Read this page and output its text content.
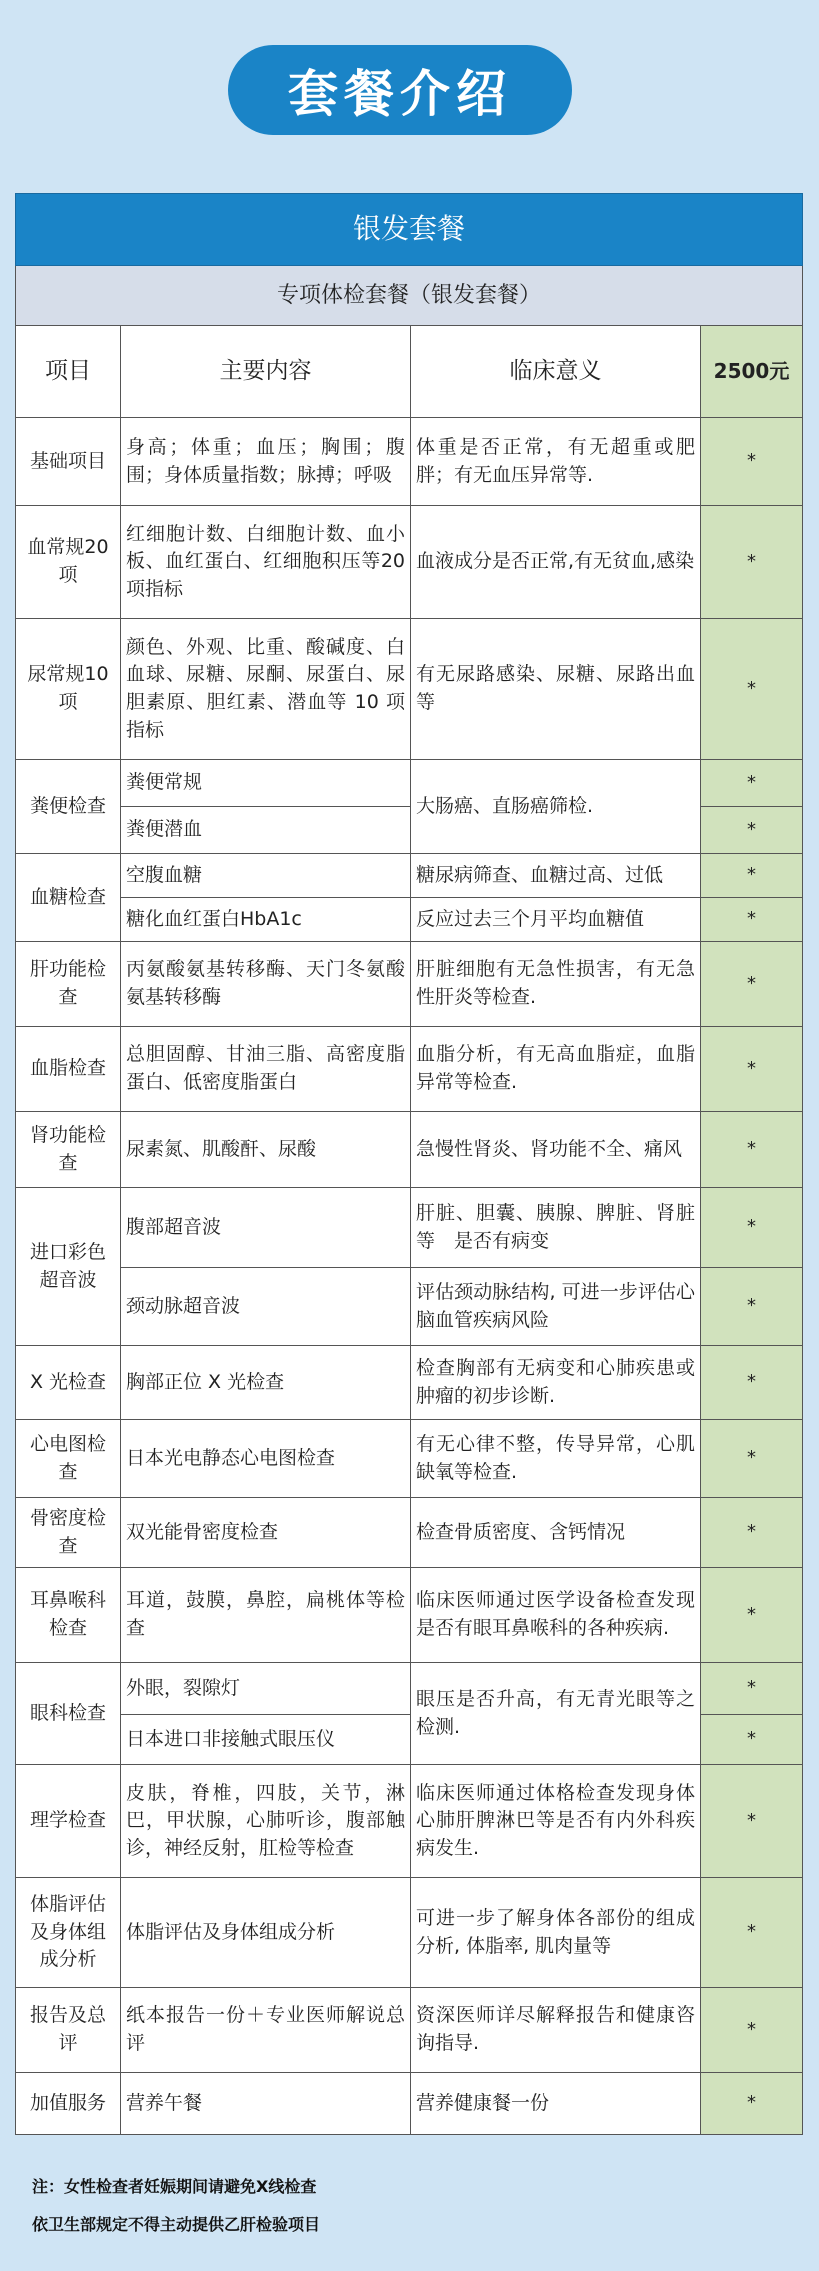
套餐介绍
银发套餐			
专项体检套餐（银发套餐）			
项目	主要内容	临床意义	2500元
基础项目	身高；体重；血压；胸围；腹围；身体质量指数；脉搏；呼吸	体重是否正常，有无超重或肥胖；有无血压异常等.	*
血常规20项	红细胞计数、白细胞计数、血小板、血红蛋白、红细胞积压等20项指标	血液成分是否正常,有无贫血,感染	*
尿常规10项	颜色、外观、比重、酸碱度、白血球、尿糖、尿酮、尿蛋白、尿胆素原、胆红素、潜血等 10 项指标	有无尿路感染、尿糖、尿路出血等	*
粪便检查	粪便常规	大肠癌、直肠癌筛检.	*
	粪便潜血		*
血糖检查	空腹血糖	糖尿病筛查、血糖过高、过低	*
	糖化血红蛋白HbA1c	反应过去三个月平均血糖值	*
肝功能检查	丙氨酸氨基转移酶、天门冬氨酸氨基转移酶	肝脏细胞有无急性损害，有无急性肝炎等检查.	*
血脂检查	总胆固醇、甘油三脂、高密度脂蛋白、低密度脂蛋白	血脂分析，有无高血脂症，血脂异常等检查.	*
肾功能检查	尿素氮、肌酸酐、尿酸	急慢性肾炎、肾功能不全、痛风	*
进口彩色超音波	腹部超音波	肝脏、胆囊、胰腺、脾脏、肾脏等　是否有病变	*
	颈动脉超音波	评估颈动脉结构, 可进一步评估心脑血管疾病风险	*
X 光检查	胸部正位 X 光检查	检查胸部有无病变和心肺疾患或肿瘤的初步诊断.	*
心电图检查	日本光电静态心电图检查	有无心律不整，传导异常，心肌缺氧等检查.	*
骨密度检查	双光能骨密度检查	检查骨质密度、含钙情况	*
耳鼻喉科检查	耳道，鼓膜，鼻腔，扁桃体等检查	临床医师通过医学设备检查发现是否有眼耳鼻喉科的各种疾病.	*
眼科检查	外眼，裂隙灯	眼压是否升高，有无青光眼等之检测.	*
	日本进口非接触式眼压仪		*
理学检查	皮肤，脊椎，四肢，关节，淋巴，甲状腺，心肺听诊，腹部触诊，神经反射，肛检等检查	临床医师通过体格检查发现身体心肺肝脾淋巴等是否有内外科疾病发生.	*
体脂评估及身体组成分析	体脂评估及身体组成分析	可进一步了解身体各部份的组成分析, 体脂率, 肌肉量等	*
报告及总评	纸本报告一份＋专业医师解说总评	资深医师详尽解释报告和健康咨询指导.	*
加值服务	营养午餐	营养健康餐一份	*
注：女性检查者妊娠期间请避免X线检查
依卫生部规定不得主动提供乙肝检验项目
